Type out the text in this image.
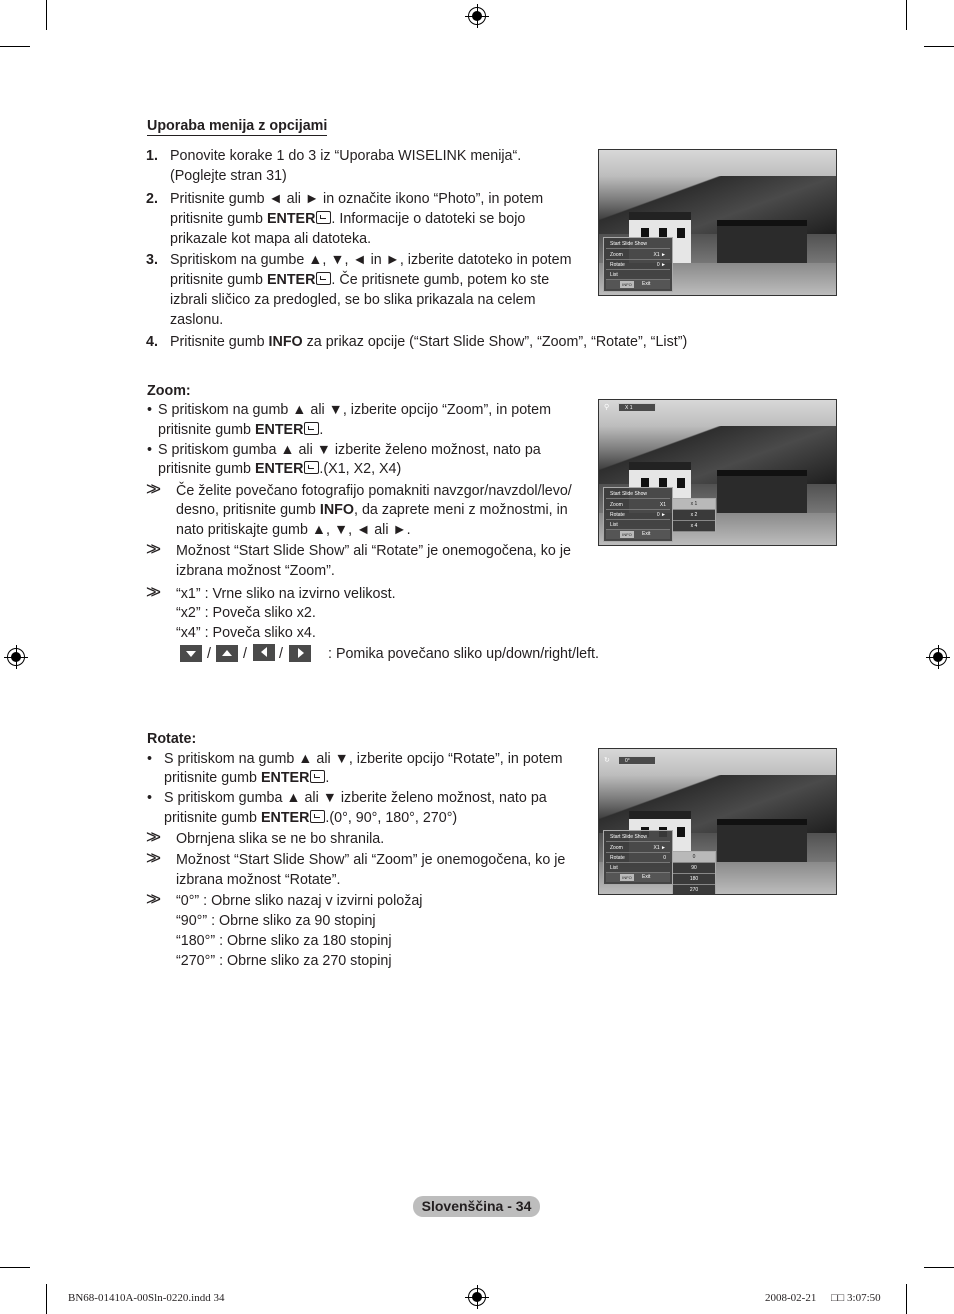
Uporaba menija z opcijami
1. Ponovite korake 1 do 3 iz “Uporaba WISELINK menija“.
(Poglejte stran 31)
2. Pritisnite gumb ◄ ali ► in označite ikono “Photo”, in potem
pritisnite gumb ENTER . Informacije o datoteki se bojo
prikazale kot mapa ali datoteka.
3. Spritiskom na gumbe ▲, ▼, ◄ in ►, izberite datoteko in potem
pritisnite gumb ENTER . Če pritisnete gumb, potem ko ste
izbrali sličico za predogled, se bo slika prikazala na celem
zaslonu.
4. Pritisnite gumb INFO za prikaz opcije (“Start Slide Show”, “Zoom”, “Rotate”, “List”)
Start Slide Show
Zoom	X1 ►
Rotate	0 ►
List
INFO	Exit
Zoom:
• S pritiskom na gumb ▲ ali ▼, izberite opcijo “Zoom”, in potem
pritisnite gumb ENTER .
• S pritiskom gumba ▲ ali ▼ izberite želeno možnost, nato pa
pritisnite gumb ENTER .(X1, X2, X4)
>> Če želite povečano fotografijo pomakniti navzgor/navzdol/levo/
desno, pritisnite gumb INFO, da zaprete meni z možnostmi, in
nato pritiskajte gumb ▲, ▼, ◄ ali ►.
>> Možnost “Start Slide Show” ali “Rotate” je onemogočena, ko je
izbrana možnost “Zoom”.
>> “x1” : Vrne sliko na izvirno velikost.
“x2” : Poveča sliko x2.
“x4” : Poveča sliko x4.
/ / /	: Pomika povečano sliko up/down/right/left.
⚲	X 1
Start Slide Show
Zoom	X1
Rotate	0 ►
List
INFO	Exit
x 1
x 2
x 4
Rotate:
• S pritiskom na gumb ▲ ali ▼, izberite opcijo “Rotate”, in potem
pritisnite gumb ENTER .
• S pritiskom gumba ▲ ali ▼ izberite želeno možnost, nato pa
pritisnite gumb ENTER .(0°, 90°, 180°, 270°)
>> Obrnjena slika se ne bo shranila.
>> Možnost “Start Slide Show” ali “Zoom” je onemogočena, ko je
izbrana možnost “Rotate”.
>> “0°” : Obrne sliko nazaj v izvirni položaj
“90°” : Obrne sliko za 90 stopinj
“180°” : Obrne sliko za 180 stopinj
“270°” : Obrne sliko za 270 stopinj
↻	0°
Start Slide Show
Zoom	X1 ►
Rotate	0
List
INFO	Exit
0
90
180
270
Slovenščina - 34
BN68-01410A-00Sln-0220.indd 34	2008-02-21 □□ 3:07:50
